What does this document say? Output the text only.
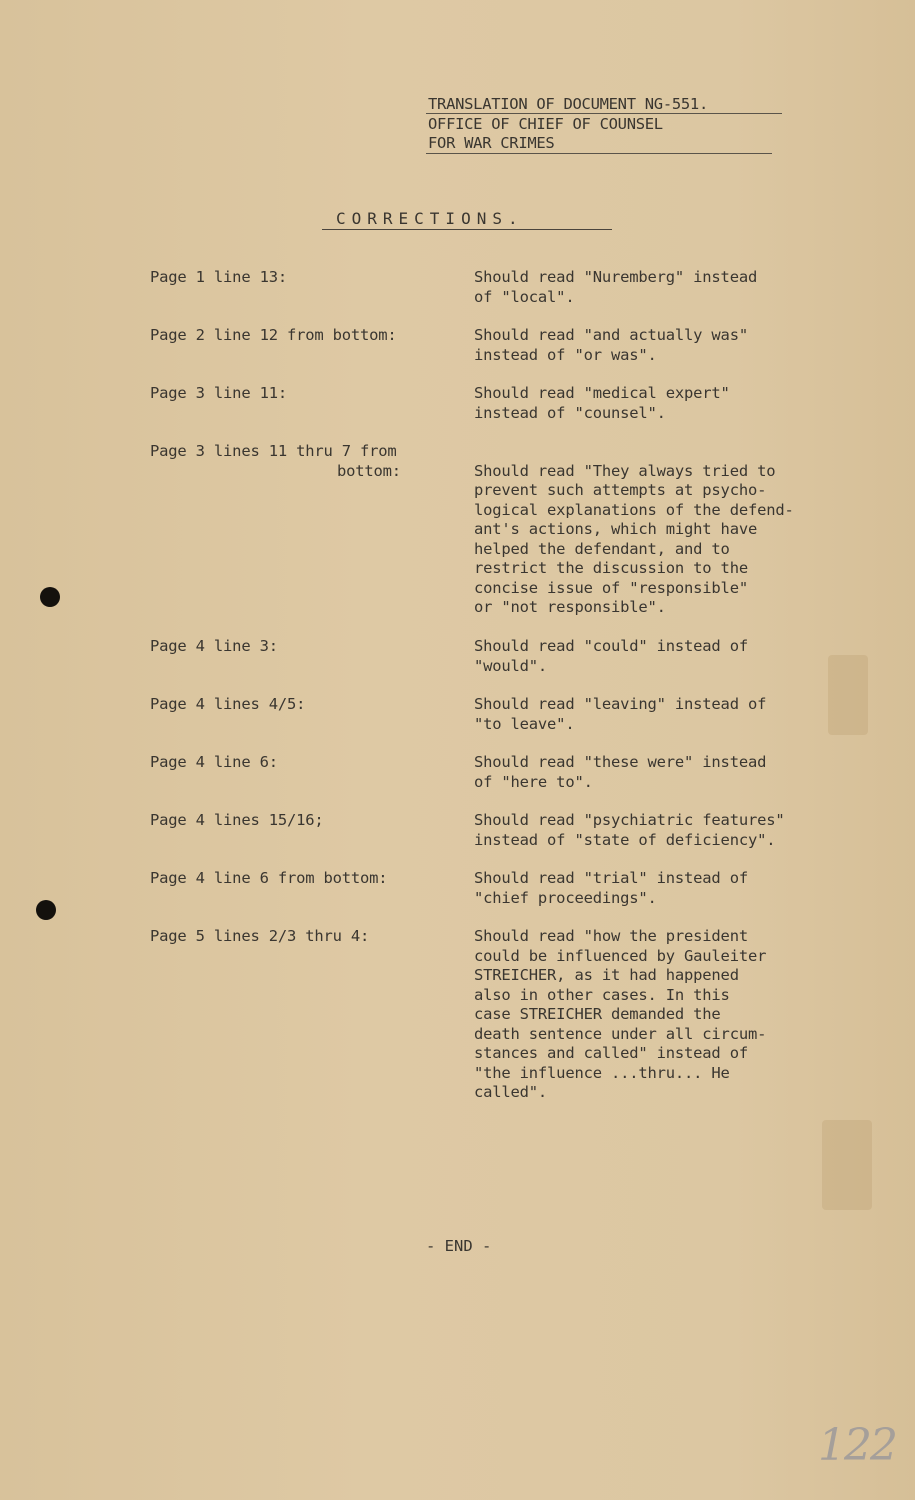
TRANSLATION OF DOCUMENT NG-551.
OFFICE OF CHIEF OF COUNSEL
FOR WAR CRIMES
CORRECTIONS.
Page 1 line 13:	Should read "Nuremberg" instead
of "local".
Page 2 line 12 from bottom:	Should read "and actually was"
instead of "or was".
Page 3 line 11:	Should read "medical expert"
instead of "counsel".
Page 3 lines 11 thru 7 from
bottom:	Should read "They always tried to
prevent such attempts at psycho-
logical explanations of the defend-
ant's actions, which might have
helped the defendant, and to
restrict the discussion to the
concise issue of "responsible"
or "not responsible".
Page 4 line 3:	Should read "could" instead of
"would".
Page 4 lines 4/5:	Should read "leaving" instead of
"to leave".
Page 4 line 6:	Should read "these were" instead
of "here to".
Page 4 lines 15/16;	Should read "psychiatric features"
instead of "state of deficiency".
Page 4 line 6 from bottom:	Should read "trial" instead of
"chief proceedings".
Page 5 lines 2/3 thru 4:	Should read "how the president
could be influenced by Gauleiter
STREICHER, as it had happened
also in other cases. In this
case STREICHER demanded the
death sentence under all circum-
stances and called" instead of
"the influence ...thru... He
called".
- END -
122
